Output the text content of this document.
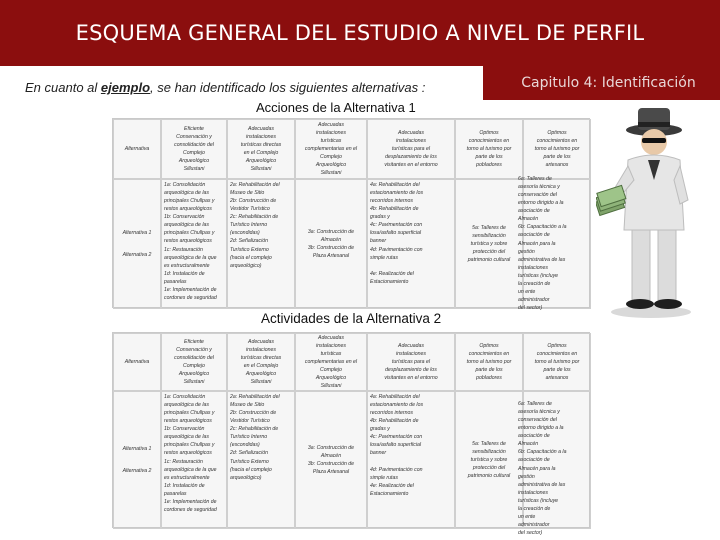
ESQUEMA GENERAL DEL ESTUDIO A NIVEL DE PERFIL
Capitulo 4: Identificación
En cuanto al ejemplo, se han identificado los siguientes alternativas :
Acciones de la Alternativa 1
Alternativa
Eficiente
Conservación y
consolidación del
Complejo
Arqueológico
Sillustani
Adecuadas
instalaciones
turísticas directas
en el Complejo
Arqueológico
Sillustani
Adecuadas
instalaciones
turísticas
complementarias en el
Complejo
Arqueológico
Sillustani
Adecuadas
instalaciones
turísticas para el
desplazamiento de los
visitantes en el entorno
Optimos
conocimientos en
torno al turismo por
parte de los
pobladores
Optimos
conocimientos en
torno al turismo por
parte de los
artesanos
Alternativa 1
Alternativa 2
1a: Consolidación
arqueológica de las
principales Chullpas y
restos arqueológicos
1b: Conservación
arqueológica de las
principales Chullpas y
restos arqueológicos
1c: Restauración
arqueológica de la que
es estructuralmente
1d: Instalación de
pasarelas
1e: Implementación de
cordones de seguridad
2a: Rehabilitación del
Museo de Sitio
2b: Construcción de
Vestidor Turístico
2c: Rehabilitación de
Turístico Interno
(escondidas)
2d: Señalización
Turístico Externo
(hacia el complejo
arqueológico)
3a: Construcción de
Almacén
3b: Construcción de
Plaza Artesanal
4a: Rehabilitación del
estacionamiento de los
recorridos internos
4b: Rehabilitación de
gradas y
4c: Pavimentación con
losa/asfalto superficial
banner
4d: Pavimentación con
simple rutas

4e: Realización del
Estacionamiento
5a: Talleres de
sensibilización
turística y sobre
protección del
patrimonio cultural
6a: Talleres de
asesoría técnica y
conservación del
entorno dirigido a la
asociación de
Almacén
6b: Capacitación a la
asociación de
Almacén para la
gestión
administrativa de las
instalaciones
turísticas (incluye
la creación de
un ente
administrador
del sector)
Actividades de la Alternativa 2
Alternativa
Eficiente
Conservación y
consolidación del
Complejo
Arqueológico
Sillustani
Adecuadas
instalaciones
turísticas directas
en el Complejo
Arqueológico
Sillustani
Adecuadas
instalaciones
turísticas
complementarias en el
Complejo
Arqueológico
Sillustani
Adecuadas
instalaciones
turísticas para el
desplazamiento de los
visitantes en el entorno
Optimos
conocimientos en
torno al turismo por
parte de los
pobladores
Optimos
conocimientos en
torno al turismo por
parte de los
artesanos
Alternativa 1
Alternativa 2
1a: Consolidación
arqueológica de las
principales Chullpas y
restos arqueológicos
1b: Conservación
arqueológica de las
principales Chullpas y
restos arqueológicos
1c: Restauración
arqueológica de la que
es estructuralmente
1d: Instalación de
pasarelas
1e: Implementación de
cordones de seguridad
2a: Rehabilitación del
Museo de Sitio
2b: Construcción de
Vestidor Turístico
2c: Rehabilitación de
Turístico Interno
(escondidas)
2d: Señalización
Turístico Externo
(hacia el complejo
arqueológico)
3a: Construcción de
Almacén
3b: Construcción de
Plaza Artesanal
4a: Rehabilitación del
estacionamiento de los
recorridos internos
4b: Rehabilitación de
gradas y
4c: Pavimentación con
losa/asfalto superficial
banner

4d: Pavimentación con
simple rutas
4e: Realización del
Estacionamiento
5a: Talleres de
sensibilización
turística y sobre
protección del
patrimonio cultural
6a: Talleres de
asesoría técnica y
conservación del
entorno dirigido a la
asociación de
Almacén
6b: Capacitación a la
asociación de
Almacén para la
gestión
administrativa de las
instalaciones
turísticas (incluye
la creación de
un ente
administrador
del sector)
